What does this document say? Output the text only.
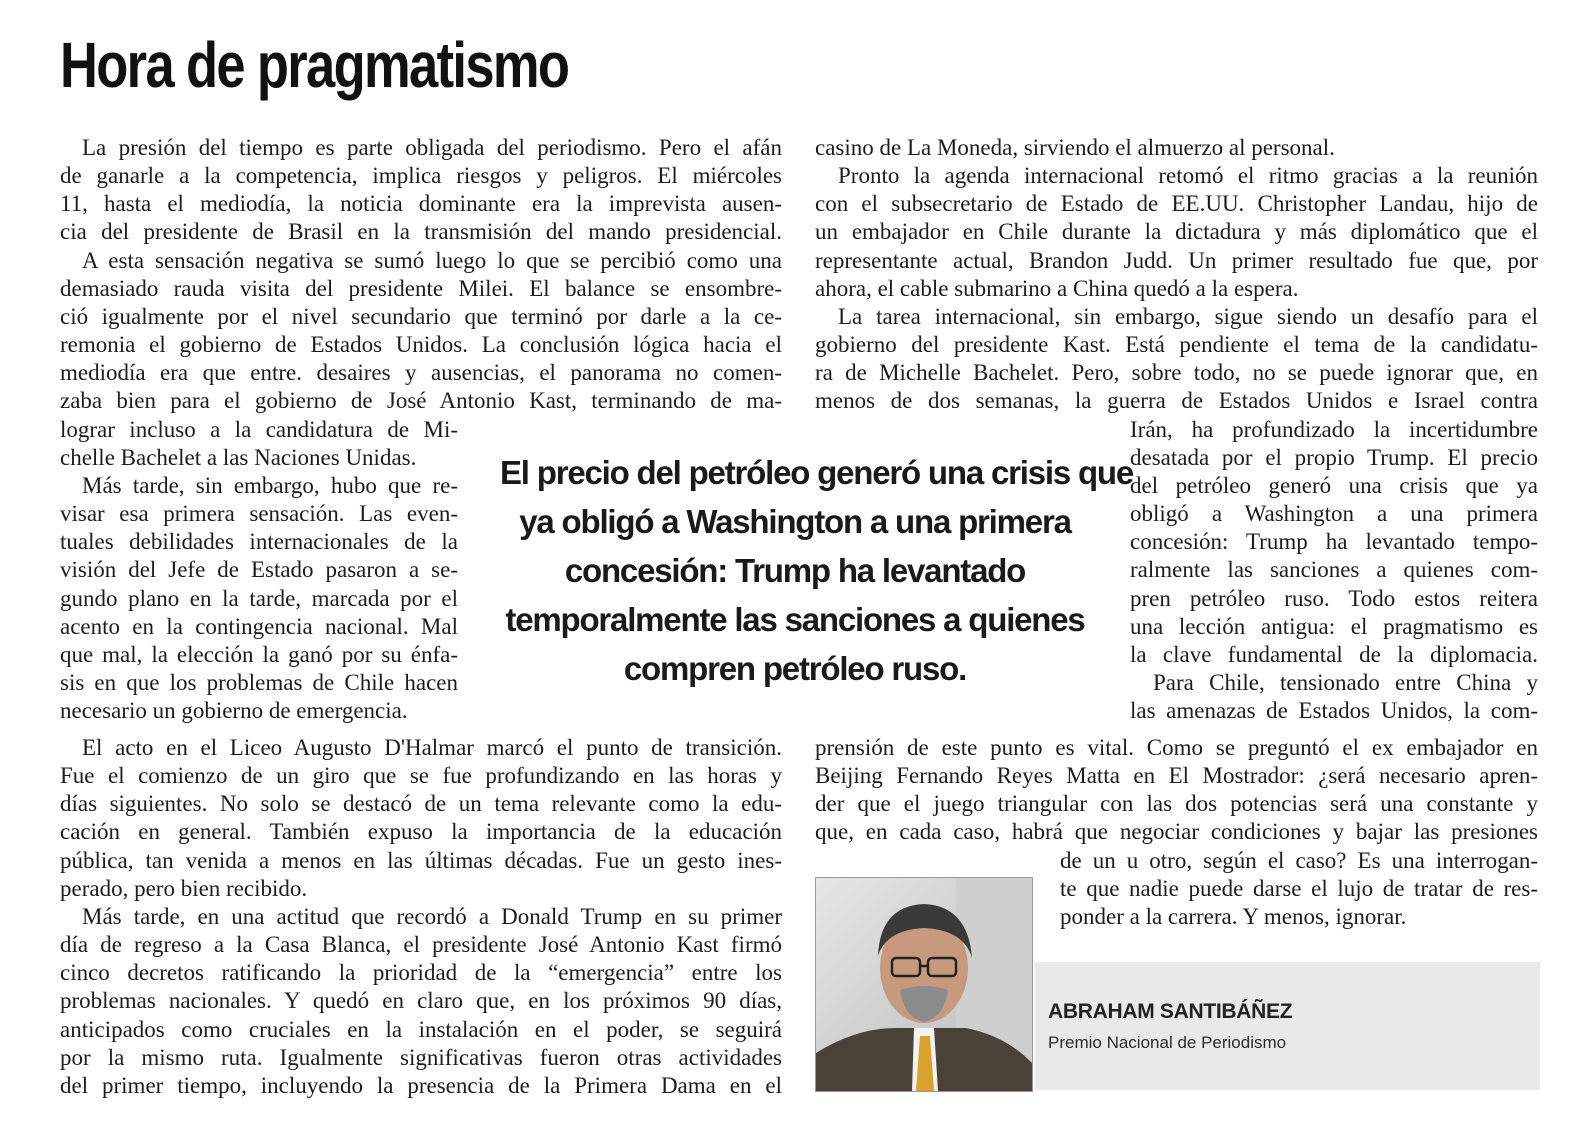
Hora de pragmatismo

La presión del tiempo es parte obligada del periodismo. Pero el afán

de ganarle a la competencia, implica riesgos y peligros. El miércoles

11, hasta el mediodía, la noticia dominante era la imprevista ausen-

cia del presidente de Brasil en la transmisión del mando presidencial.

A esta sensación negativa se sumó luego lo que se percibió como una

demasiado rauda visita del presidente Milei. El balance se ensombre-

ció igualmente por el nivel secundario que terminó por darle a la ce-

remonia el gobierno de Estados Unidos. La conclusión lógica hacia el

mediodía era que entre. desaires y ausencias, el panorama no comen-

zaba bien para el gobierno de José Antonio Kast, terminando de ma-

lograr incluso a la candidatura de Mi-

chelle Bachelet a las Naciones Unidas.

Más tarde, sin embargo, hubo que re-

visar esa primera sensación. Las even-

tuales debilidades internacionales de la

visión del Jefe de Estado pasaron a se-

gundo plano en la tarde, marcada por el

acento en la contingencia nacional. Mal

que mal, la elección la ganó por su énfa-

sis en que los problemas de Chile hacen

necesario un gobierno de emergencia.

El acto en el Liceo Augusto D'Halmar marcó el punto de transición.

Fue el comienzo de un giro que se fue profundizando en las horas y

días siguientes. No solo se destacó de un tema relevante como la edu-

cación en general. También expuso la importancia de la educación

pública, tan venida a menos en las últimas décadas. Fue un gesto ines-

perado, pero bien recibido.

Más tarde, en una actitud que recordó a Donald Trump en su primer

día de regreso a la Casa Blanca, el presidente José Antonio Kast firmó

cinco decretos ratificando la prioridad de la “emergencia” entre los

problemas nacionales. Y quedó en claro que, en los próximos 90 días,

anticipados como cruciales en la instalación en el poder, se seguirá

por la mismo ruta. Igualmente significativas fueron otras actividades

del primer tiempo, incluyendo la presencia de la Primera Dama en el

casino de La Moneda, sirviendo el almuerzo al personal.

Pronto la agenda internacional retomó el ritmo gracias a la reunión

con el subsecretario de Estado de EE.UU. Christopher Landau, hijo de

un embajador en Chile durante la dictadura y más diplomático que el

representante actual, Brandon Judd. Un primer resultado fue que, por

ahora, el cable submarino a China quedó a la espera.

La tarea internacional, sin embargo, sigue siendo un desafío para el

gobierno del presidente Kast. Está pendiente el tema de la candidatu-

ra de Michelle Bachelet. Pero, sobre todo, no se puede ignorar que, en

menos de dos semanas, la guerra de Estados Unidos e Israel contra

Irán, ha profundizado la incertidumbre

desatada por el propio Trump. El precio

del petróleo generó una crisis que ya

obligó a Washington a una primera

concesión: Trump ha levantado tempo-

ralmente las sanciones a quienes com-

pren petróleo ruso. Todo estos reitera

una lección antigua: el pragmatismo es

la clave fundamental de la diplomacia.

Para Chile, tensionado entre China y

las amenazas de Estados Unidos, la com-

prensión de este punto es vital. Como se preguntó el ex embajador en

Beijing Fernando Reyes Matta en El Mostrador: ¿será necesario apren-

der que el juego triangular con las dos potencias será una constante y

que, en cada caso, habrá que negociar condiciones y bajar las presiones

de un u otro, según el caso? Es una interrogan-

te que nadie puede darse el lujo de tratar de res-

ponder a la carrera. Y menos, ignorar.

El precio del petróleo generó una crisis que
ya obligó a Washington a una primera
concesión: Trump ha levantado
temporalmente las sanciones a quienes
compren petróleo ruso.

ABRAHAM SANTIBÁÑEZ

Premio Nacional de Periodismo
